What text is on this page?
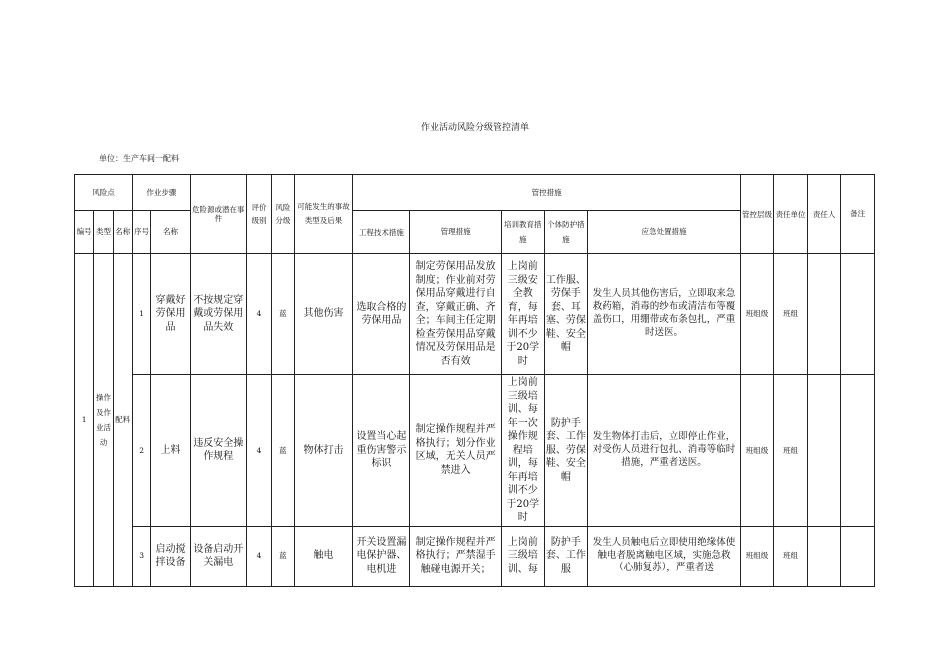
作业活动风险分级管控清单
单位：生产车间一配料
风险点			作业步骤		危险源或潜在事件	评价级别	风险分级	可能发生的事故类型及后果	管控措施					管控层级	责任单位	责任人	备注
编号	类型	名称	序号	名称					工程技术措施	管理措施	培训教育措施	个体防护措施	应急处置措施				
1	操作及作业活动	配料	1	穿戴好劳保用品	不按规定穿戴或劳保用品失效	4	蓝	其他伤害	选取合格的劳保用品	制定劳保用品发放制度；作业前对劳保用品穿戴进行自查，穿戴正确、齐全；车间主任定期检查劳保用品穿戴情况及劳保用品是否有效	上岗前三级安全教育，每年再培训不少于20学时	工作服、劳保手套、耳塞、劳保鞋、安全帽	发生人员其他伤害后，立即取来急救药箱，消毒的纱布或清洁布等覆盖伤口，用绷带或布条包扎，严重时送医。	班组级	班组		
			2	上料	违反安全操作规程	4	蓝	物体打击	设置当心起重伤害警示标识	制定操作规程并严格执行；划分作业区域，无关人员严禁进入	上岗前三级培训、每年一次操作规程培训，每年再培训不少于20学时	防护手套、工作服、劳保鞋、安全帽	发生物体打击后，立即停止作业，对受伤人员进行包扎、消毒等临时措施，严重者送医。	班组级	班组		
			3	启动搅拌设备	设备启动开关漏电	4	蓝	触电	开关设置漏电保护器、电机进	制定操作规程并严格执行；严禁湿手触碰电源开关；	上岗前三级培训、每	防护手套、工作服	发生人员触电后立即使用绝缘体使触电者脱离触电区域，实施急救（心肺复苏），严重者送	班组级	班组		
